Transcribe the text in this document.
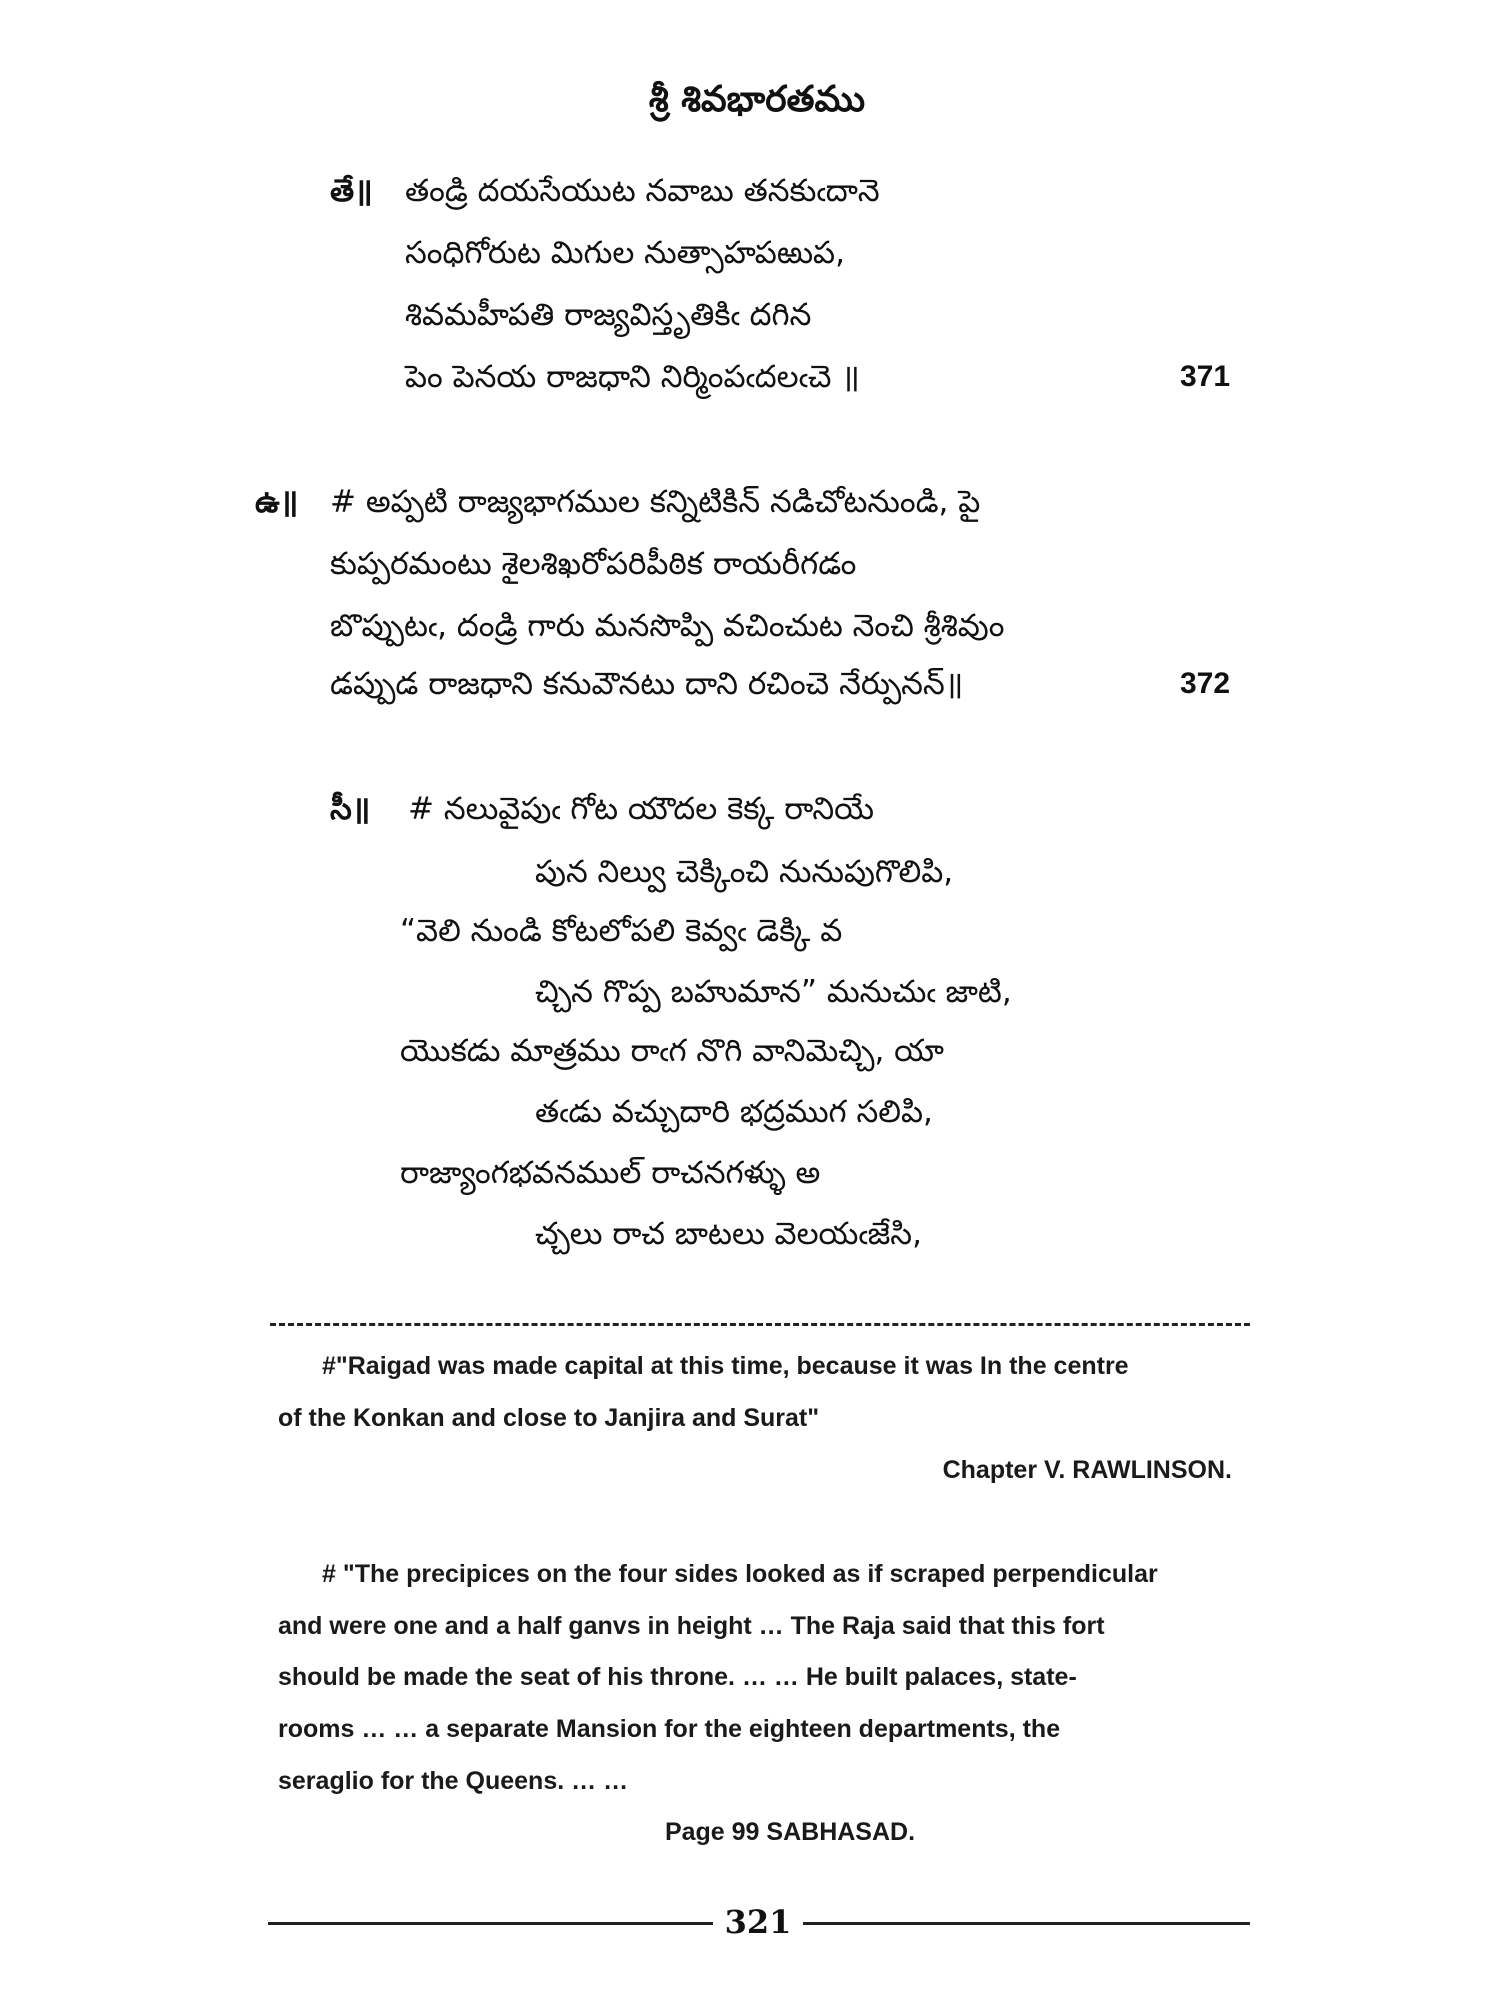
శ్రీ శివభారతము
తే॥ తండ్రి దయసేయుట నవాబు తనకుఁదానె
సంధిగోరుట మిగుల నుత్సాహపఱుప,
శివమహీపతి రాజ్యవిస్తృతికిఁ దగిన
పెం పెనయ రాజధాని నిర్మింపఁదలఁచె ॥	371
ఉ॥ # అప్పటి రాజ్యభాగముల కన్నిటికిన్ నడిచోటనుండి, పై
కుప్పరమంటు శైలశిఖరోపరిపీఠిక రాయరీగడం
బొప్పుటఁ, దండ్రి గారు మనసొప్పి వచించుట నెంచి శ్రీశివుం
డప్పుడ రాజధాని కనువౌనటు దాని రచించె నేర్పునన్॥	372
సీ॥ # నలువైపుఁ గోట యౌదల కెక్క రానియే
పున నిల్వు చెక్కించి నునుపుగొలిపి,
“వెలి నుండి కోటలోపలి కెవ్వఁ డెక్కి వ
చ్చిన గొప్ప బహుమాన” మనుచుఁ జాటి,
యొకడు మాత్రము రాఁగ నొగి వానిమెచ్చి, యా
తఁడు వచ్చుదారి భద్రముగ సలిపి,
రాజ్యాంగభవనముల్ రాచనగళ్ళు అ
చ్చలు రాచ బాటలు వెలయఁజేసి,
#"Raigad was made capital at this time, because it was In the centre
of the Konkan and close to Janjira and Surat"
Chapter V. RAWLINSON.
# "The precipices on the four sides looked as if scraped perpendicular
and were one and a half ganvs in height … The Raja said that this fort
should be made the seat of his throne. … … He built palaces, state-
rooms … … a separate Mansion for the eighteen departments, the
seraglio for the Queens. … …
Page 99 SABHASAD.
321
